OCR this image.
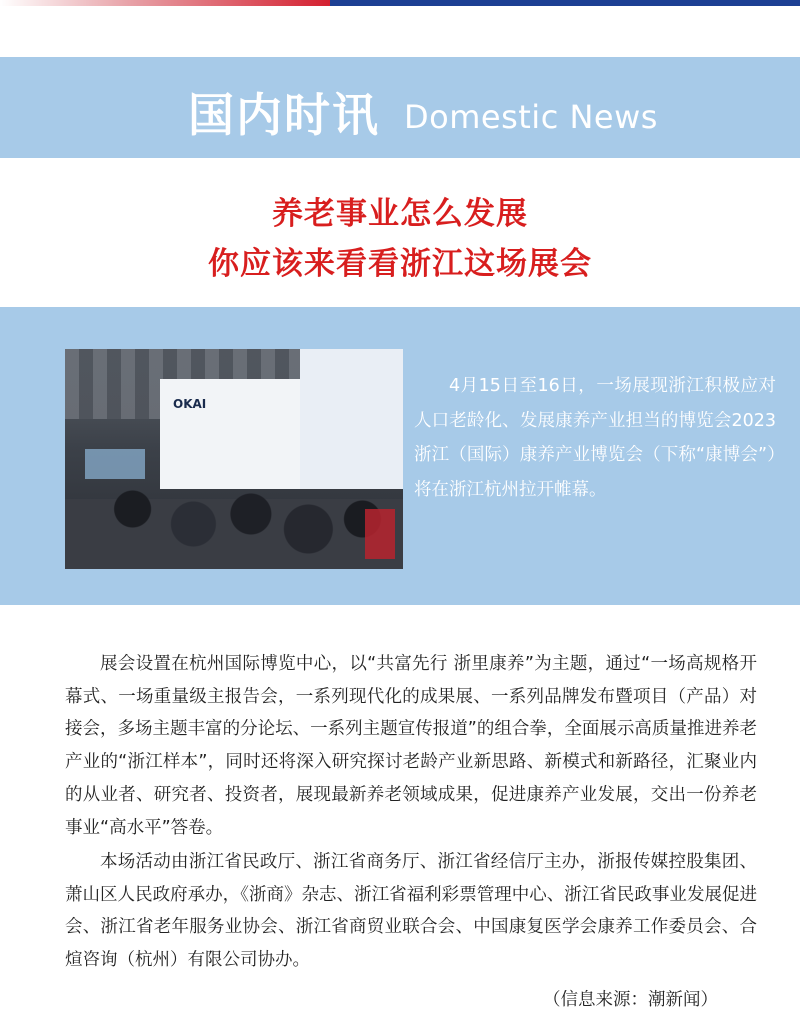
国内时讯 Domestic News
养老事业怎么发展
你应该来看看浙江这场展会
OKAI

4月15日至16日，一场展现浙江积极应对人口老龄化、发展康养产业担当的博览会2023 浙江（国际）康养产业博览会（下称“康博会”）将在浙江杭州拉开帷幕。

展会设置在杭州国际博览中心，以“共富先行 浙里康养”为主题，通过“一场高规格开幕式、一场重量级主报告会，一系列现代化的成果展、一系列品牌发布暨项目（产品）对接会，多场主题丰富的分论坛、一系列主题宣传报道”的组合拳，全面展示高质量推进养老产业的“浙江样本”，同时还将深入研究探讨老龄产业新思路、新模式和新路径，汇聚业内的从业者、研究者、投资者，展现最新养老领域成果，促进康养产业发展，交出一份养老事业“高水平”答卷。

本场活动由浙江省民政厅、浙江省商务厅、浙江省经信厅主办，浙报传媒控股集团、萧山区人民政府承办，《浙商》杂志、浙江省福利彩票管理中心、浙江省民政事业发展促进会、浙江省老年服务业协会、浙江省商贸业联合会、中国康复医学会康养工作委员会、合煊咨询（杭州）有限公司协办。

（信息来源：潮新闻）
